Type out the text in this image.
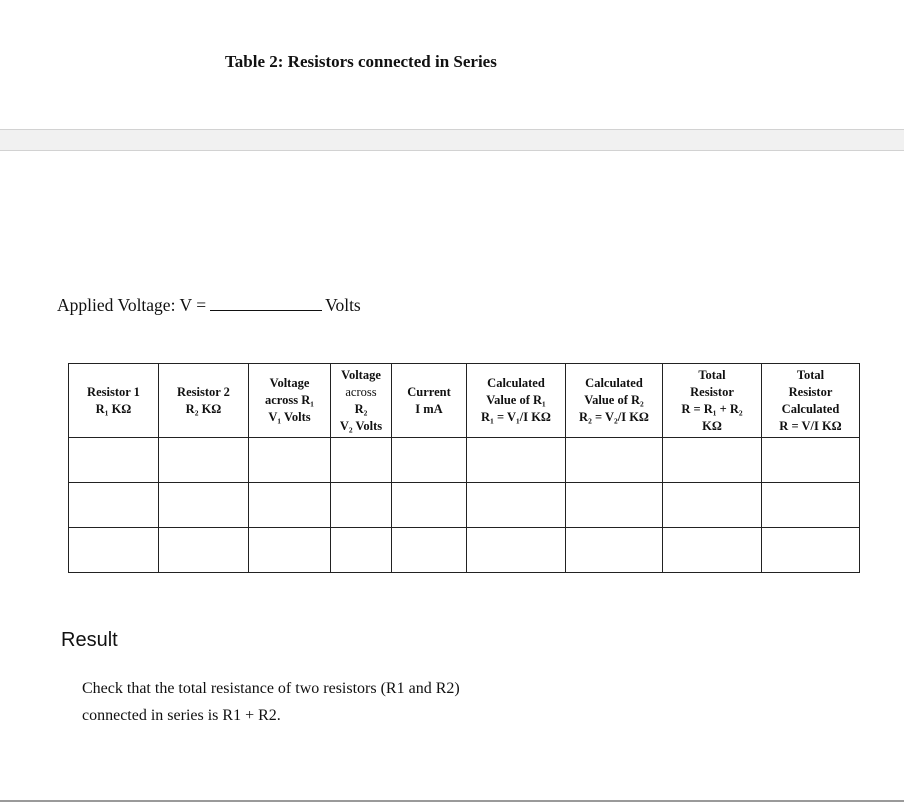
Table 2: Resistors connected in Series
Applied Voltage: V =	Volts
Resistor 1
R₁ KΩ	Resistor 2
R₂ KΩ	Voltage
across R₁
V₁ Volts	Voltage
across
R₂
V₂ Volts	Current
I mA	Calculated
Value of R₁
R₁ = V₁/I KΩ	Calculated
Value of R₂
R₂ = V₂/I KΩ	Total
Resistor
R = R₁ + R₂
KΩ	Total
Resistor
Calculated
R = V/I KΩ

Result
Check that the total resistance of two resistors (R1 and R2)
connected in series is R1 + R2.
